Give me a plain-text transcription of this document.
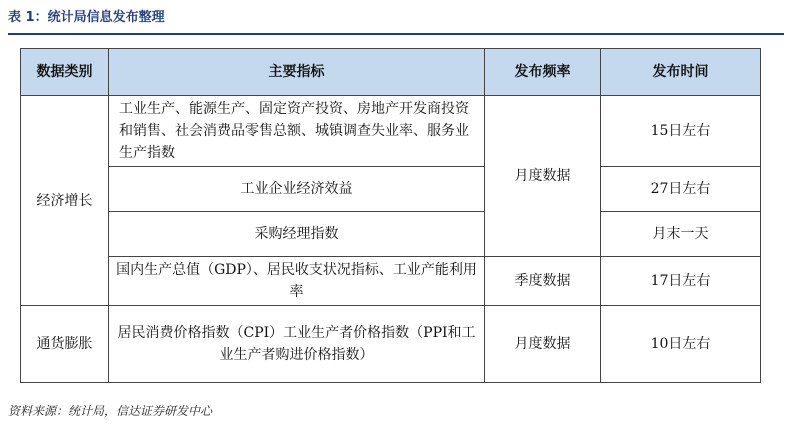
表 1：统计局信息发布整理
数据类别	主要指标	发布频率	发布时间
经济增长	工业生产、能源生产、固定资产投资、房地产开发商投资和销售、社会消费品零售总额、城镇调查失业率、服务业生产指数	月度数据	15日左右
	工业企业经济效益		27日左右
	采购经理指数		月末一天
	国内生产总值（GDP）、居民收支状况指标、工业产能利用率	季度数据	17日左右
通货膨胀	居民消费价格指数（CPI）工业生产者价格指数（PPI和工业生产者购进价格指数）	月度数据	10日左右
资料来源：统计局，信达证券研发中心
